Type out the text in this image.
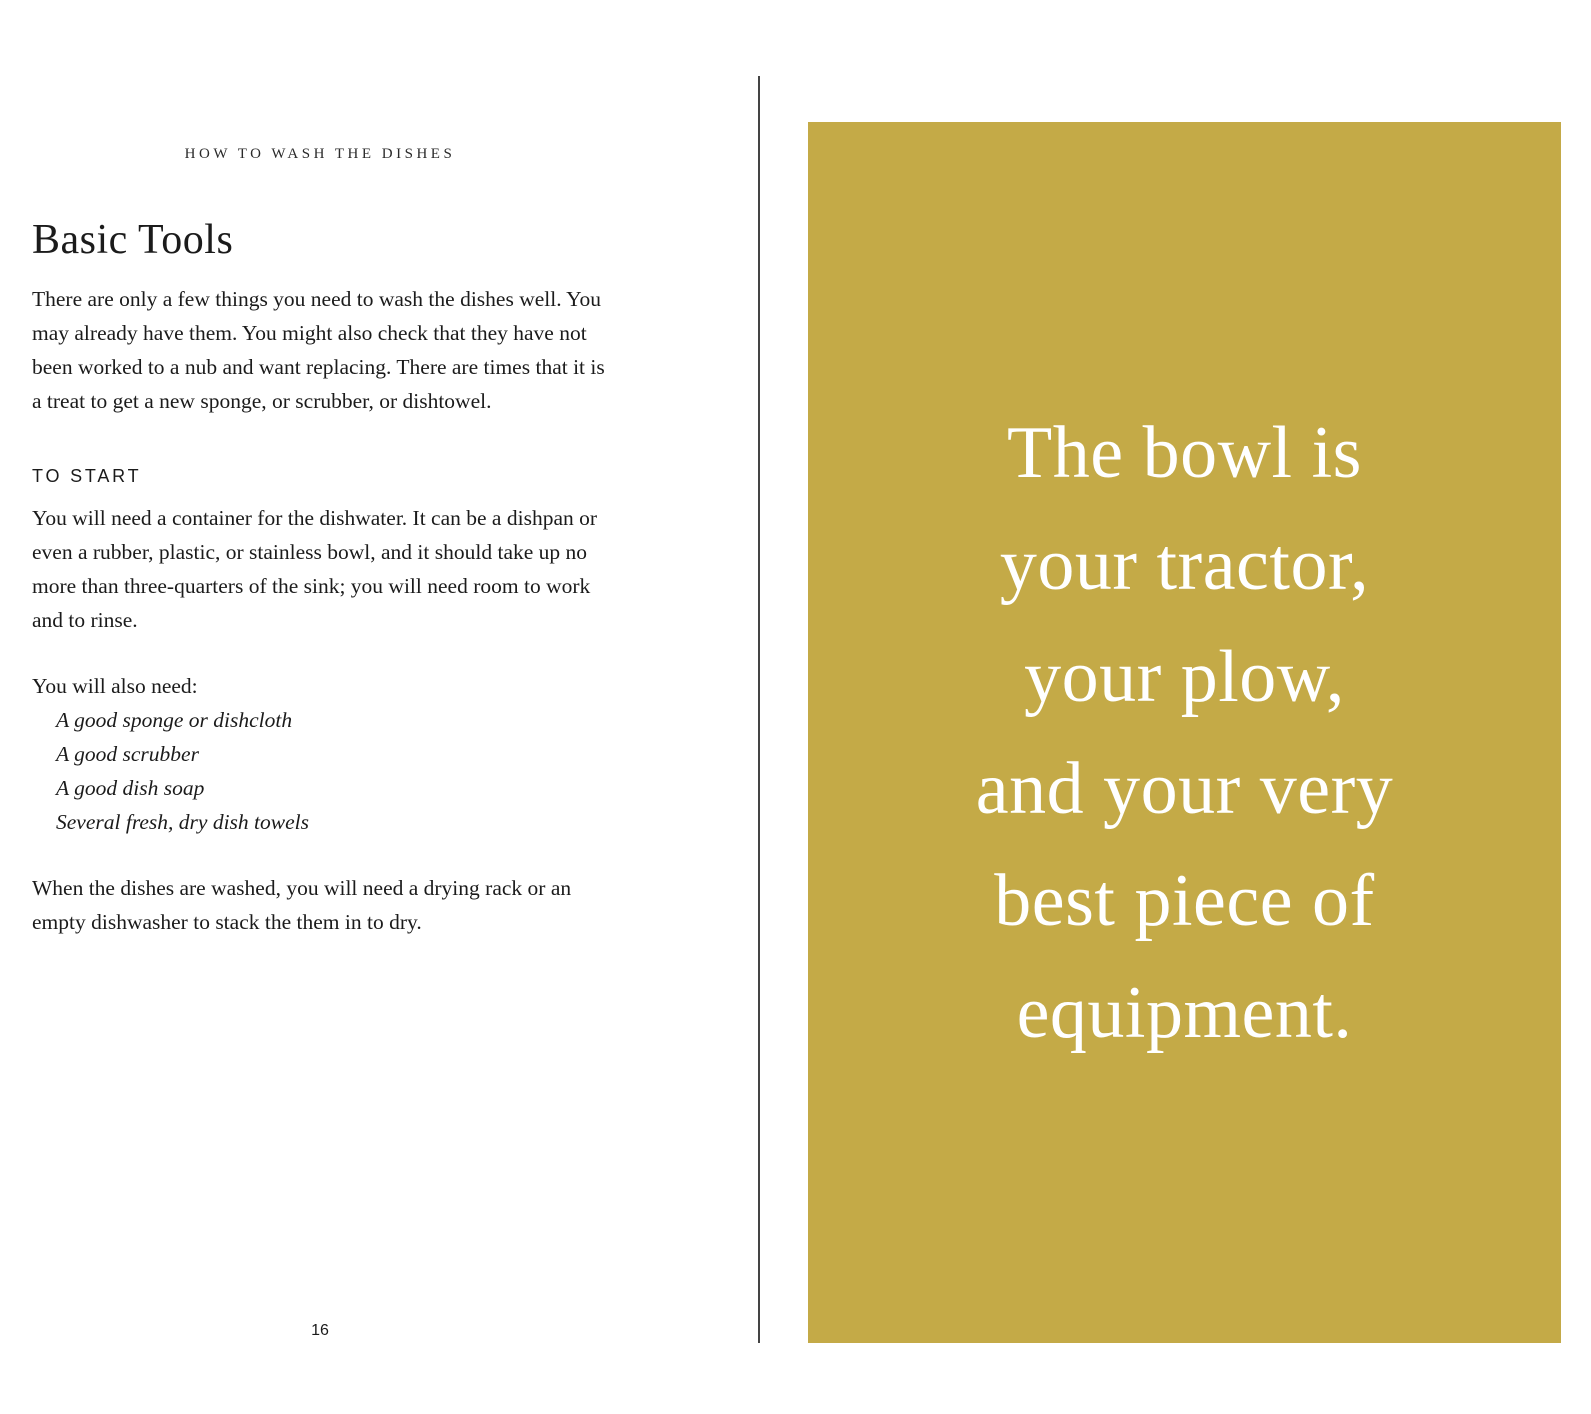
HOW TO WASH THE DISHES
Basic Tools

There are only a few things you need to wash the dishes well. You may already have them. You might also check that they have not been worked to a nub and want replacing. There are times that it is a treat to get a new sponge, or scrubber, or dishtowel.

TO START

You will need a container for the dishwater. It can be a dishpan or even a rubber, plastic, or stainless bowl, and it should take up no more than three-quarters of the sink; you will need room to work and to rinse.

You will also need:

A good sponge or dishcloth
A good scrubber
A good dish soap
Several fresh, dry dish towels

When the dishes are washed, you will need a drying rack or an empty dishwasher to stack the them in to dry.

16

The bowl is
your tractor,
your plow,
and your very
best piece of
equipment.
